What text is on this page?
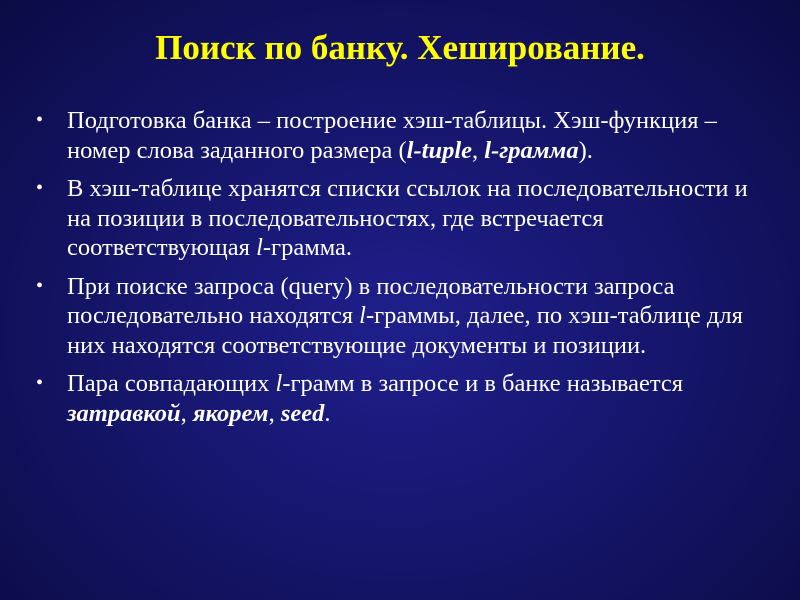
Поиск по банку. Хеширование.
• Подготовка банка – построение хэш-таблицы. Хэш-функция – номер слова заданного размера (l-tuple, l-грамма).
• В хэш-таблице хранятся списки ссылок на последовательности и на позиции в последовательностях, где встречается соответствующая l-грамма.
• При поиске запроса (query) в последовательности запроса последовательно находятся l-граммы, далее, по хэш-таблице для них находятся соответствующие документы и позиции.
• Пара совпадающих l-грамм в запросе и в банке называется затравкой, якорем, seed.
